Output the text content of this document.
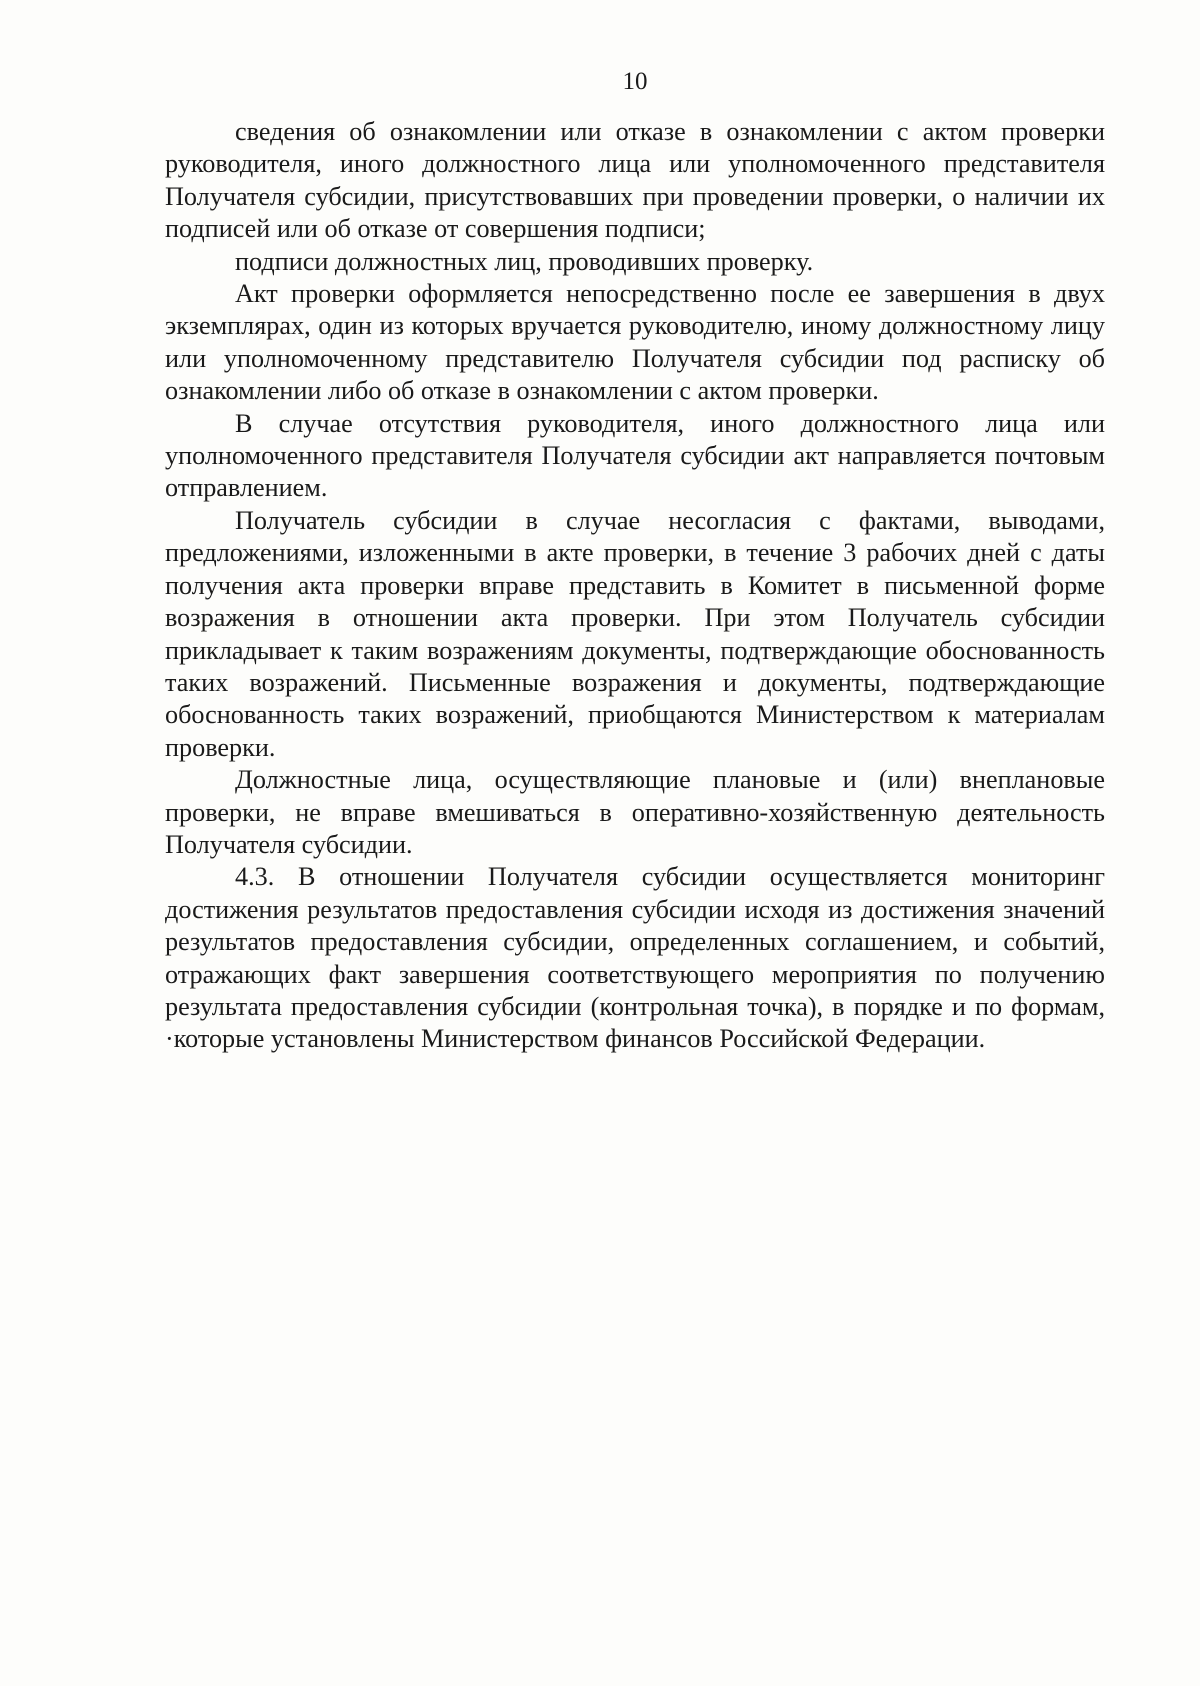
10

сведения об ознакомлении или отказе в ознакомлении с актом проверки руководителя, иного должностного лица или уполномоченного представителя Получателя субсидии, присутствовавших при проведении проверки, о наличии их подписей или об отказе от совершения подписи;

подписи должностных лиц, проводивших проверку.

Акт проверки оформляется непосредственно после ее завершения в двух экземплярах, один из которых вручается руководителю, иному должностному лицу или уполномоченному представителю Получателя субсидии под расписку об ознакомлении либо об отказе в ознакомлении с актом проверки.

В случае отсутствия руководителя, иного должностного лица или уполномоченного представителя Получателя субсидии акт направляется почтовым отправлением.

Получатель субсидии в случае несогласия с фактами, выводами, предложениями, изложенными в акте проверки, в течение 3 рабочих дней с даты получения акта проверки вправе представить в Комитет в письменной форме возражения в отношении акта проверки. При этом Получатель субсидии прикладывает к таким возражениям документы, подтверждающие обоснованность таких возражений. Письменные возражения и документы, подтверждающие обоснованность таких возражений, приобщаются Министерством к материалам проверки.

Должностные лица, осуществляющие плановые и (или) внеплановые проверки, не вправе вмешиваться в оперативно-хозяйственную деятельность Получателя субсидии.

4.3. В отношении Получателя субсидии осуществляется мониторинг достижения результатов предоставления субсидии исходя из достижения значений результатов предоставления субсидии, определенных соглашением, и событий, отражающих факт завершения соответствующего мероприятия по получению результата предоставления субсидии (контрольная точка), в порядке и по формам, ·которые установлены Министерством финансов Российской Федерации.
